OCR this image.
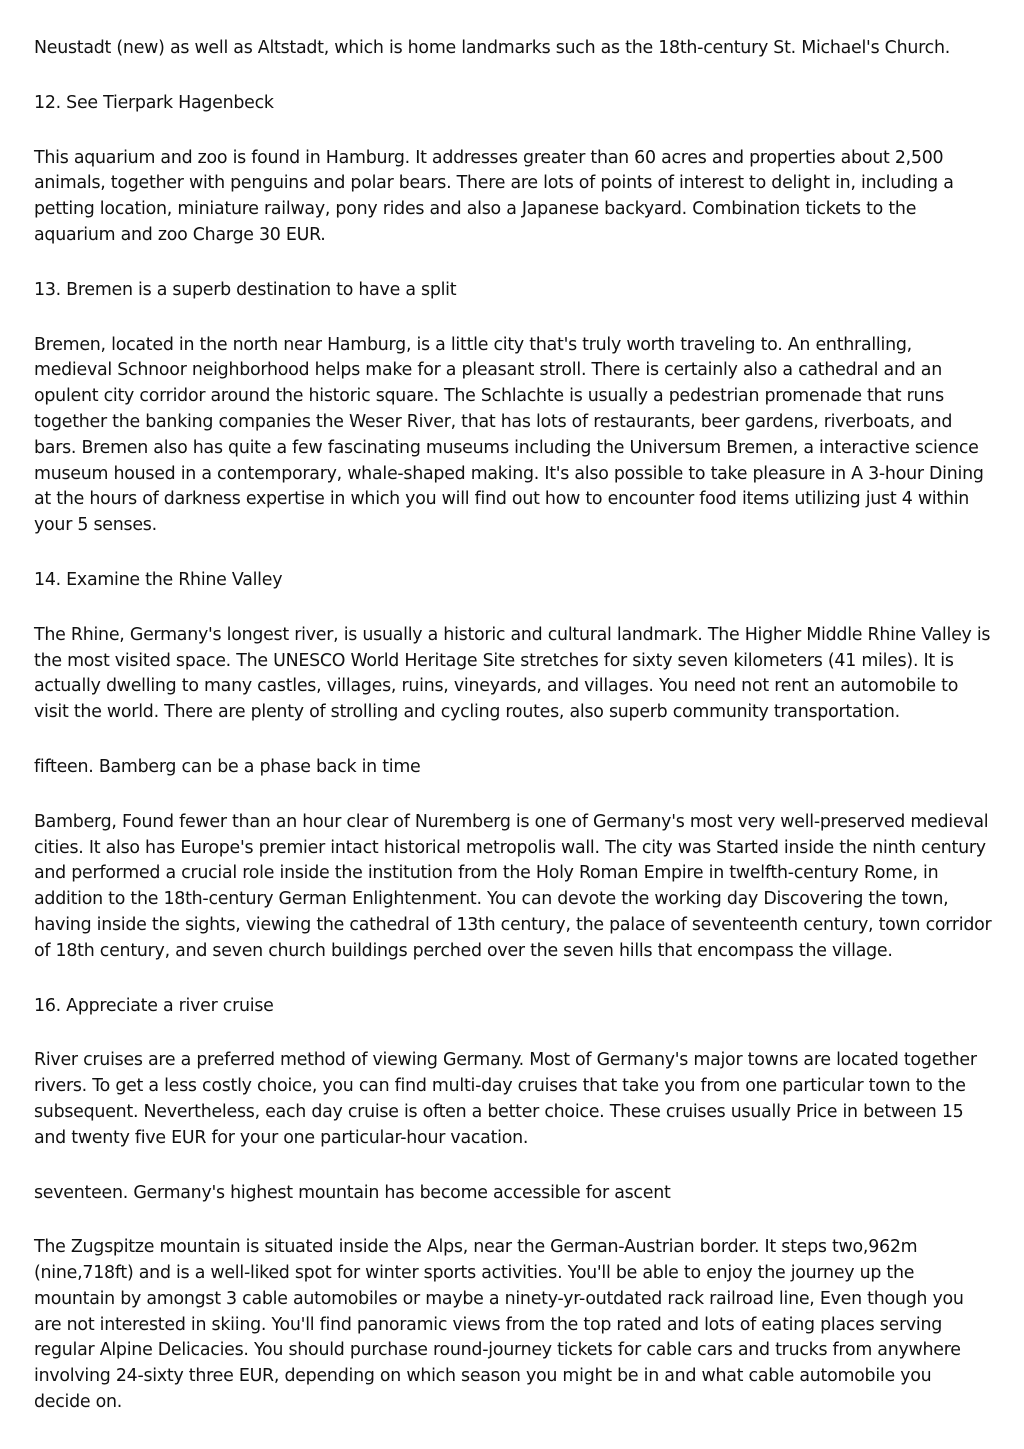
Neustadt (new) as well as Altstadt, which is home landmarks such as the 18th-century St. Michael's Church.

12. See Tierpark Hagenbeck

This aquarium and zoo is found in Hamburg. It addresses greater than 60 acres and properties about 2,500 animals, together with penguins and polar bears. There are lots of points of interest to delight in, including a petting location, miniature railway, pony rides and also a Japanese backyard. Combination tickets to the aquarium and zoo Charge 30 EUR.

13. Bremen is a superb destination to have a split

Bremen, located in the north near Hamburg, is a little city that's truly worth traveling to. An enthralling, medieval Schnoor neighborhood helps make for a pleasant stroll. There is certainly also a cathedral and an opulent city corridor around the historic square. The Schlachte is usually a pedestrian promenade that runs together the banking companies the Weser River, that has lots of restaurants, beer gardens, riverboats, and bars. Bremen also has quite a few fascinating museums including the Universum Bremen, a interactive science museum housed in a contemporary, whale-shaped making. It's also possible to take pleasure in A 3-hour Dining at the hours of darkness expertise in which you will find out how to encounter food items utilizing just 4 within your 5 senses.

14. Examine the Rhine Valley

The Rhine, Germany's longest river, is usually a historic and cultural landmark. The Higher Middle Rhine Valley is the most visited space. The UNESCO World Heritage Site stretches for sixty seven kilometers (41 miles). It is actually dwelling to many castles, villages, ruins, vineyards, and villages. You need not rent an automobile to visit the world. There are plenty of strolling and cycling routes, also superb community transportation.

fifteen. Bamberg can be a phase back in time

Bamberg, Found fewer than an hour clear of Nuremberg is one of Germany's most very well-preserved medieval cities. It also has Europe's premier intact historical metropolis wall. The city was Started inside the ninth century and performed a crucial role inside the institution from the Holy Roman Empire in twelfth-century Rome, in addition to the 18th-century German Enlightenment. You can devote the working day Discovering the town, having inside the sights, viewing the cathedral of 13th century, the palace of seventeenth century, town corridor of 18th century, and seven church buildings perched over the seven hills that encompass the village.

16. Appreciate a river cruise

River cruises are a preferred method of viewing Germany. Most of Germany's major towns are located together rivers. To get a less costly choice, you can find multi-day cruises that take you from one particular town to the subsequent. Nevertheless, each day cruise is often a better choice. These cruises usually Price in between 15 and twenty five EUR for your one particular-hour vacation.

seventeen. Germany's highest mountain has become accessible for ascent

The Zugspitze mountain is situated inside the Alps, near the German-Austrian border. It steps two,962m (nine,718ft) and is a well-liked spot for winter sports activities. You'll be able to enjoy the journey up the mountain by amongst 3 cable automobiles or maybe a ninety-yr-outdated rack railroad line, Even though you are not interested in skiing. You'll find panoramic views from the top rated and lots of eating places serving regular Alpine Delicacies. You should purchase round-journey tickets for cable cars and trucks from anywhere involving 24-sixty three EUR, depending on which season you might be in and what cable automobile you decide on.
